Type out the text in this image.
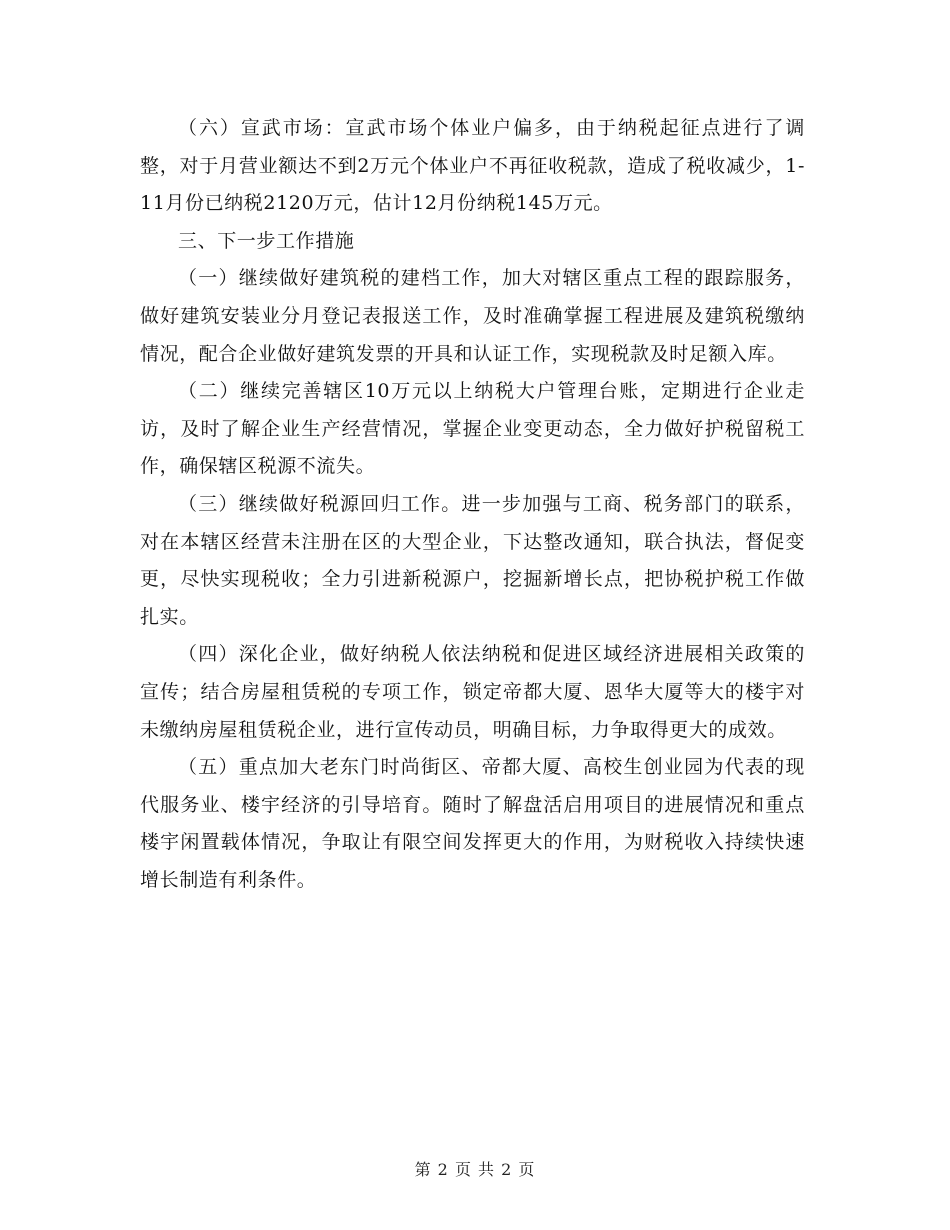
（六）宣武市场：宣武市场个体业户偏多，由于纳税起征点进行了调整，对于月营业额达不到2万元个体业户不再征收税款，造成了税收减少，1-11月份已纳税2120万元，估计12月份纳税145万元。

三、下一步工作措施

（一）继续做好建筑税的建档工作，加大对辖区重点工程的跟踪服务，做好建筑安装业分月登记表报送工作，及时准确掌握工程进展及建筑税缴纳情况，配合企业做好建筑发票的开具和认证工作，实现税款及时足额入库。

（二）继续完善辖区10万元以上纳税大户管理台账，定期进行企业走访，及时了解企业生产经营情况，掌握企业变更动态，全力做好护税留税工作，确保辖区税源不流失。

（三）继续做好税源回归工作。进一步加强与工商、税务部门的联系，对在本辖区经营未注册在区的大型企业，下达整改通知，联合执法，督促变更，尽快实现税收；全力引进新税源户，挖掘新增长点，把协税护税工作做扎实。

（四）深化企业，做好纳税人依法纳税和促进区域经济进展相关政策的宣传；结合房屋租赁税的专项工作，锁定帝都大厦、恩华大厦等大的楼宇对未缴纳房屋租赁税企业，进行宣传动员，明确目标，力争取得更大的成效。

（五）重点加大老东门时尚街区、帝都大厦、高校生创业园为代表的现代服务业、楼宇经济的引导培育。随时了解盘活启用项目的进展情况和重点楼宇闲置载体情况，争取让有限空间发挥更大的作用，为财税收入持续快速增长制造有利条件。

第 2 页 共 2 页
